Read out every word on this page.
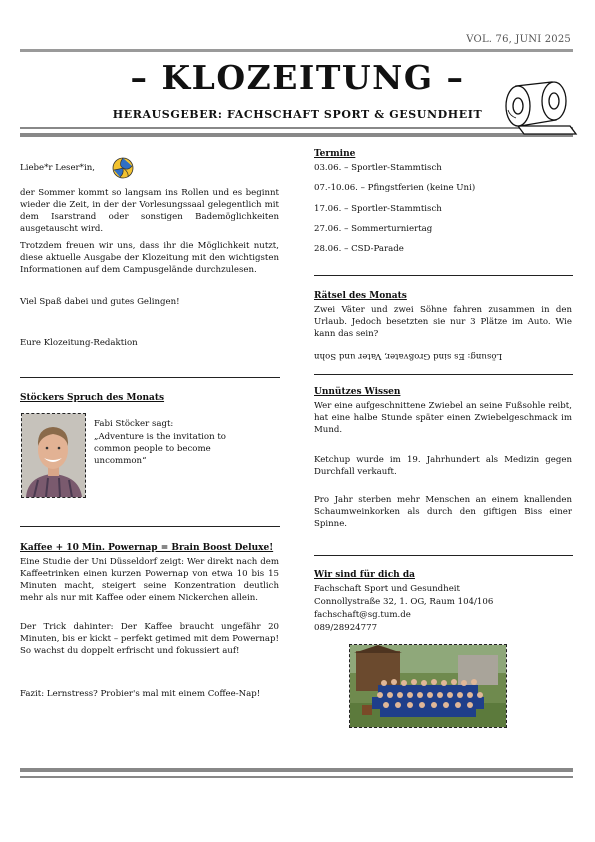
VOL. 76, JUNI 2025
– KLOZEITUNG –
HERAUSGEBER: FACHSCHAFT SPORT & GESUNDHEIT
Liebe*r Leser*in,
der Sommer kommt so langsam ins Rollen und es beginnt wieder die Zeit, in der der Vorlesungssaal gelegentlich mit dem Isarstrand oder sonstigen Bademöglichkeiten ausgetauscht wird.
Trotzdem freuen wir uns, dass ihr die Möglichkeit nutzt, diese aktuelle Ausgabe der Klozeitung mit den wichtigsten Informationen auf dem Campusgelände durchzulesen.
Viel Spaß dabei und gutes Gelingen!
Eure Klozeitung-Redaktion
Stöckers Spruch des Monats
Fabi Stöcker sagt:
„Adventure is the invitation to common people to become uncommon“
Kaffee + 10 Min. Powernap = Brain Boost Deluxe!
Eine Studie der Uni Düsseldorf zeigt: Wer direkt nach dem Kaffeetrinken einen kurzen Powernap von etwa 10 bis 15 Minuten macht, steigert seine Konzentration deutlich mehr als nur mit Kaffee oder einem Nickerchen allein.
Der Trick dahinter: Der Kaffee braucht ungefähr 20 Minuten, bis er kickt – perfekt getimed mit dem Powernap! So wachst du doppelt erfrischt und fokussiert auf!
Fazit: Lernstress? Probier's mal mit einem Coffee-Nap!
Termine
03.06. – Sportler-Stammtisch
07.-10.06. – Pfingstferien (keine Uni)
17.06. – Sportler-Stammtisch
27.06. – Sommerturniertag
28.06. – CSD-Parade
Rätsel des Monats
Zwei Väter und zwei Söhne fahren zusammen in den Urlaub. Jedoch besetzten sie nur 3 Plätze im Auto. Wie kann das sein?
Lösung: Es sind Großvater, Vater und Sohn
Unnützes Wissen
Wer eine aufgeschnittene Zwiebel an seine Fußsohle reibt, hat eine halbe Stunde später einen Zwiebelgeschmack im Mund.
Ketchup wurde im 19. Jahrhundert als Medizin gegen Durchfall verkauft.
Pro Jahr sterben mehr Menschen an einem knallenden Schaumweinkorken als durch den giftigen Biss einer Spinne.
Wir sind für dich da
Fachschaft Sport und Gesundheit
Connollystraße 32, 1. OG, Raum 104/106
fachschaft@sg.tum.de
089/28924777
